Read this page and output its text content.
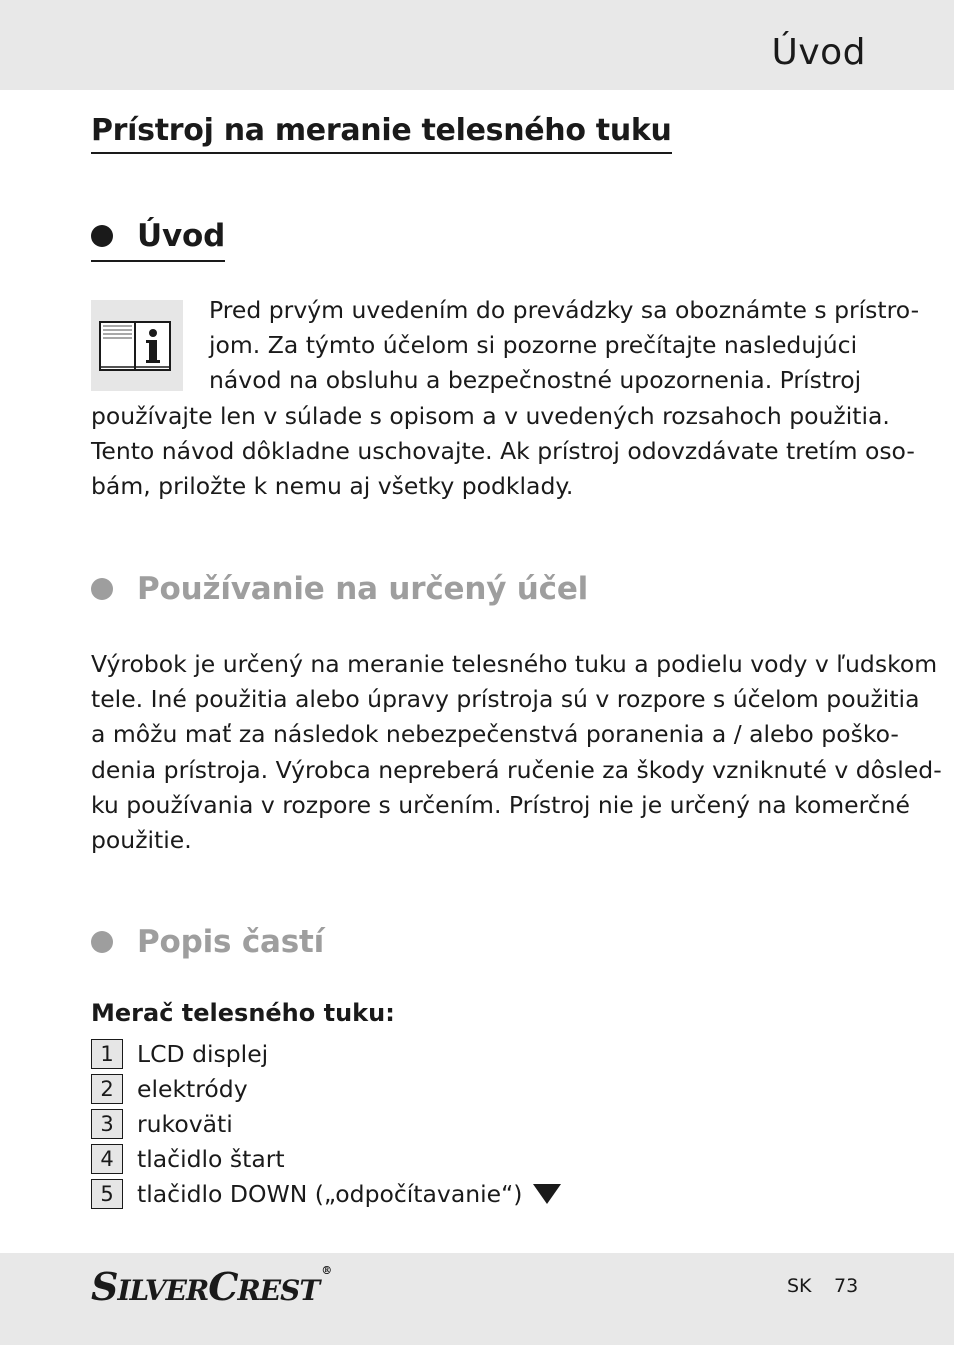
Úvod
Prístroj na meranie telesného tuku
Úvod
Pred prvým uvedením do prevádzky sa oboznámte s prístro-
jom. Za týmto účelom si pozorne prečítajte nasledujúci
návod na obsluhu a bezpečnostné upozornenia. Prístroj
používajte len v súlade s opisom a v uvedených rozsahoch použitia.
Tento návod dôkladne uschovajte. Ak prístroj odovzdávate tretím oso-
bám, priložte k nemu aj všetky podklady.
Používanie na určený účel
Výrobok je určený na meranie telesného tuku a podielu vody v ľudskom
tele. Iné použitia alebo úpravy prístroja sú v rozpore s účelom použitia
a môžu mať za následok nebezpečenstvá poranenia a / alebo poško-
denia prístroja. Výrobca nepreberá ručenie za škody vzniknuté v dôsled-
ku používania v rozpore s určením. Prístroj nie je určený na komerčné
použitie.
Popis častí
Merač telesného tuku:
1 LCD displej
2 elektródy
3 rukoväti
4 tlačidlo štart
5 tlačidlo DOWN („odpočítavanie“)
SILVERCREST®
SK 73
